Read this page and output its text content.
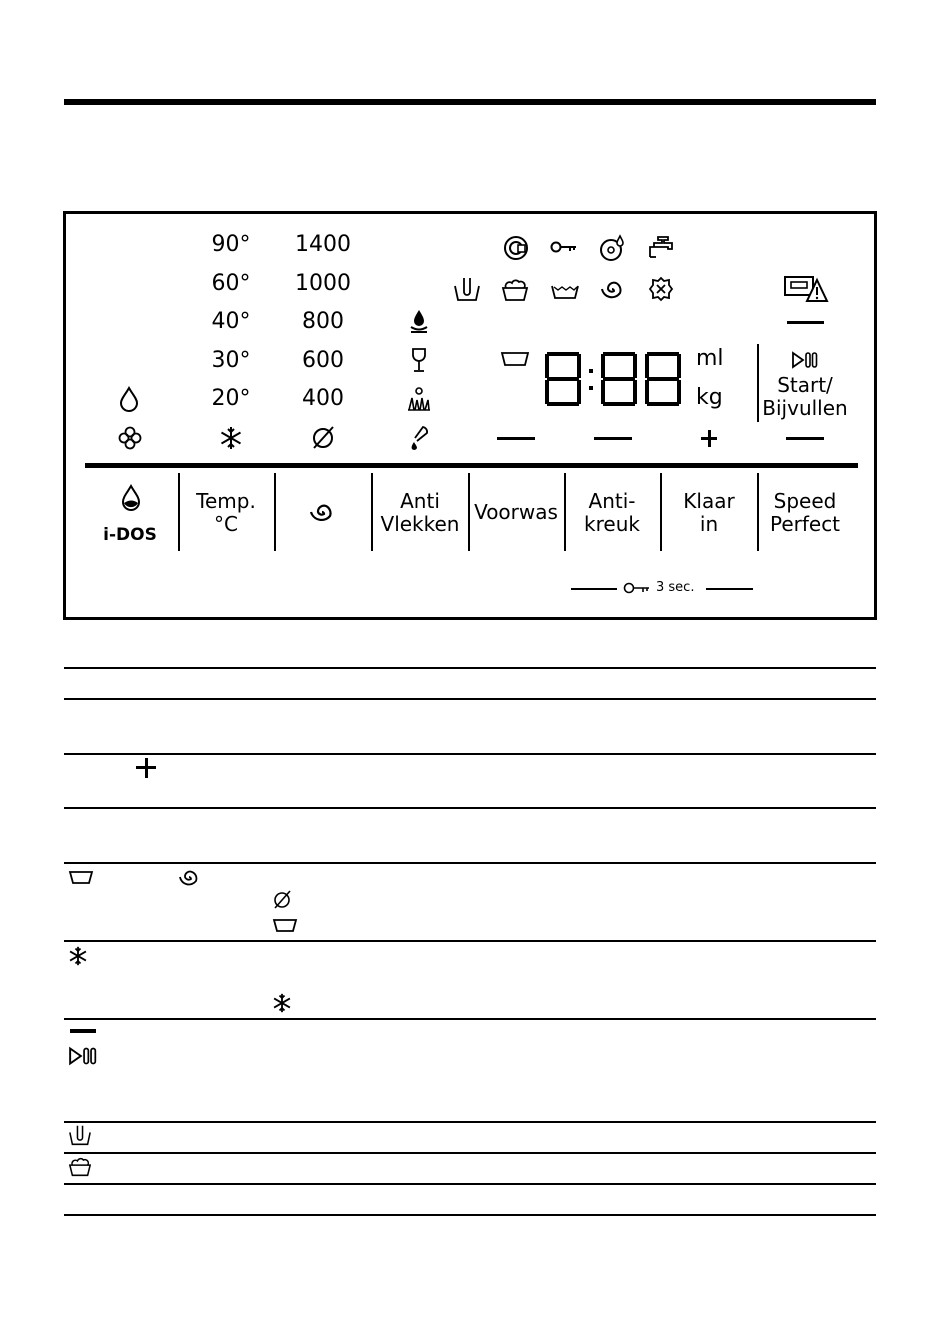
90°
60°
40°
30°
20°
1400
1000
800
600
400
ml
kg	Start/
Bijvullen
i-DOS
Temp.
°C
Anti
Vlekken Voorwas Anti-
kreuk
Klaar
in
Speed
Perfect
3 sec.
